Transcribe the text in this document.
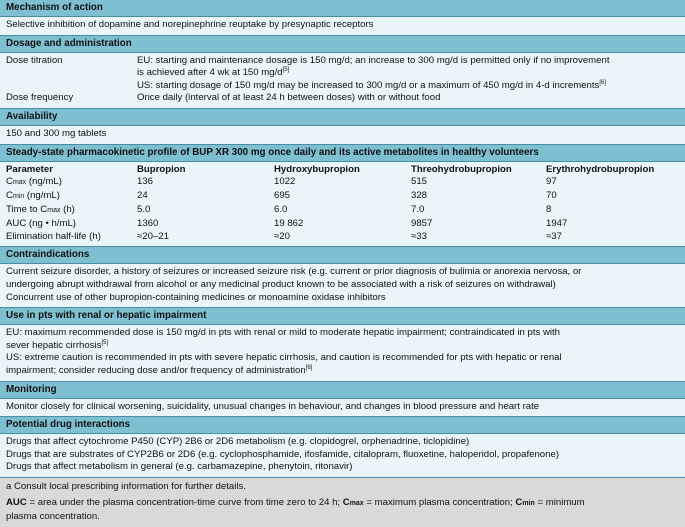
Mechanism of action
Selective inhibition of dopamine and norepinephrine reuptake by presynaptic receptors
Dosage and administration
Dose titration	EU: starting and maintenance dosage is 150 mg/d; an increase to 300 mg/d is permitted only if no improvement
is achieved after 4 wk at 150 mg/d[5]
US: starting dosage of 150 mg/d may be increased to 300 mg/d or a maximum of 450 mg/d in 4-d increments[6]
Dose frequency	Once daily (interval of at least 24 h between doses) with or without food
Availability
150 and 300 mg tablets
Steady-state pharmacokinetic profile of BUP XR 300 mg once daily and its active metabolites in healthy volunteers
Parameter	Bupropion	Hydroxybupropion	Threohydrobupropion	Erythrohydrobupropion
Cmax (ng/mL)	136	1022	515	97
Cmin (ng/mL)	24	695	328	70
Time to Cmax (h)	5.0	6.0	7.0	8
AUC (ng • h/mL)	1360	19 862	9857	1947
Elimination half-life (h)	≈20–21	≈20	≈33	≈37
Contraindications
Current seizure disorder, a history of seizures or increased seizure risk (e.g. current or prior diagnosis of bulimia or anorexia nervosa, or
undergoing abrupt withdrawal from alcohol or any medicinal product known to be associated with a risk of seizures on withdrawal)
Concurrent use of other bupropion-containing medicines or monoamine oxidase inhibitors
Use in pts with renal or hepatic impairment
EU: maximum recommended dose is 150 mg/d in pts with renal or mild to moderate hepatic impairment; contraindicated in pts with
sever hepatic cirrhosis[5]
US: extreme caution is recommended in pts with severe hepatic cirrhosis, and caution is recommended for pts with hepatic or renal
impairment; consider reducing dose and/or frequency of administration[6]
Monitoring
Monitor closely for clinical worsening, suicidality, unusual changes in behaviour, and changes in blood pressure and heart rate
Potential drug interactions
Drugs that affect cytochrome P450 (CYP) 2B6 or 2D6 metabolism (e.g. clopidogrel, orphenadrine, ticlopidine)
Drugs that are substrates of CYP2B6 or 2D6 (e.g. cyclophosphamide, ifosfamide, citalopram, fluoxetine, haloperidol, propafenone)
Drugs that affect metabolism in general (e.g. carbamazepine, phenytoin, ritonavir)

a Consult local prescribing information for further details.

AUC = area under the plasma concentration-time curve from time zero to 24 h; Cmax = maximum plasma concentration; Cmin = minimum

plasma concentration.
